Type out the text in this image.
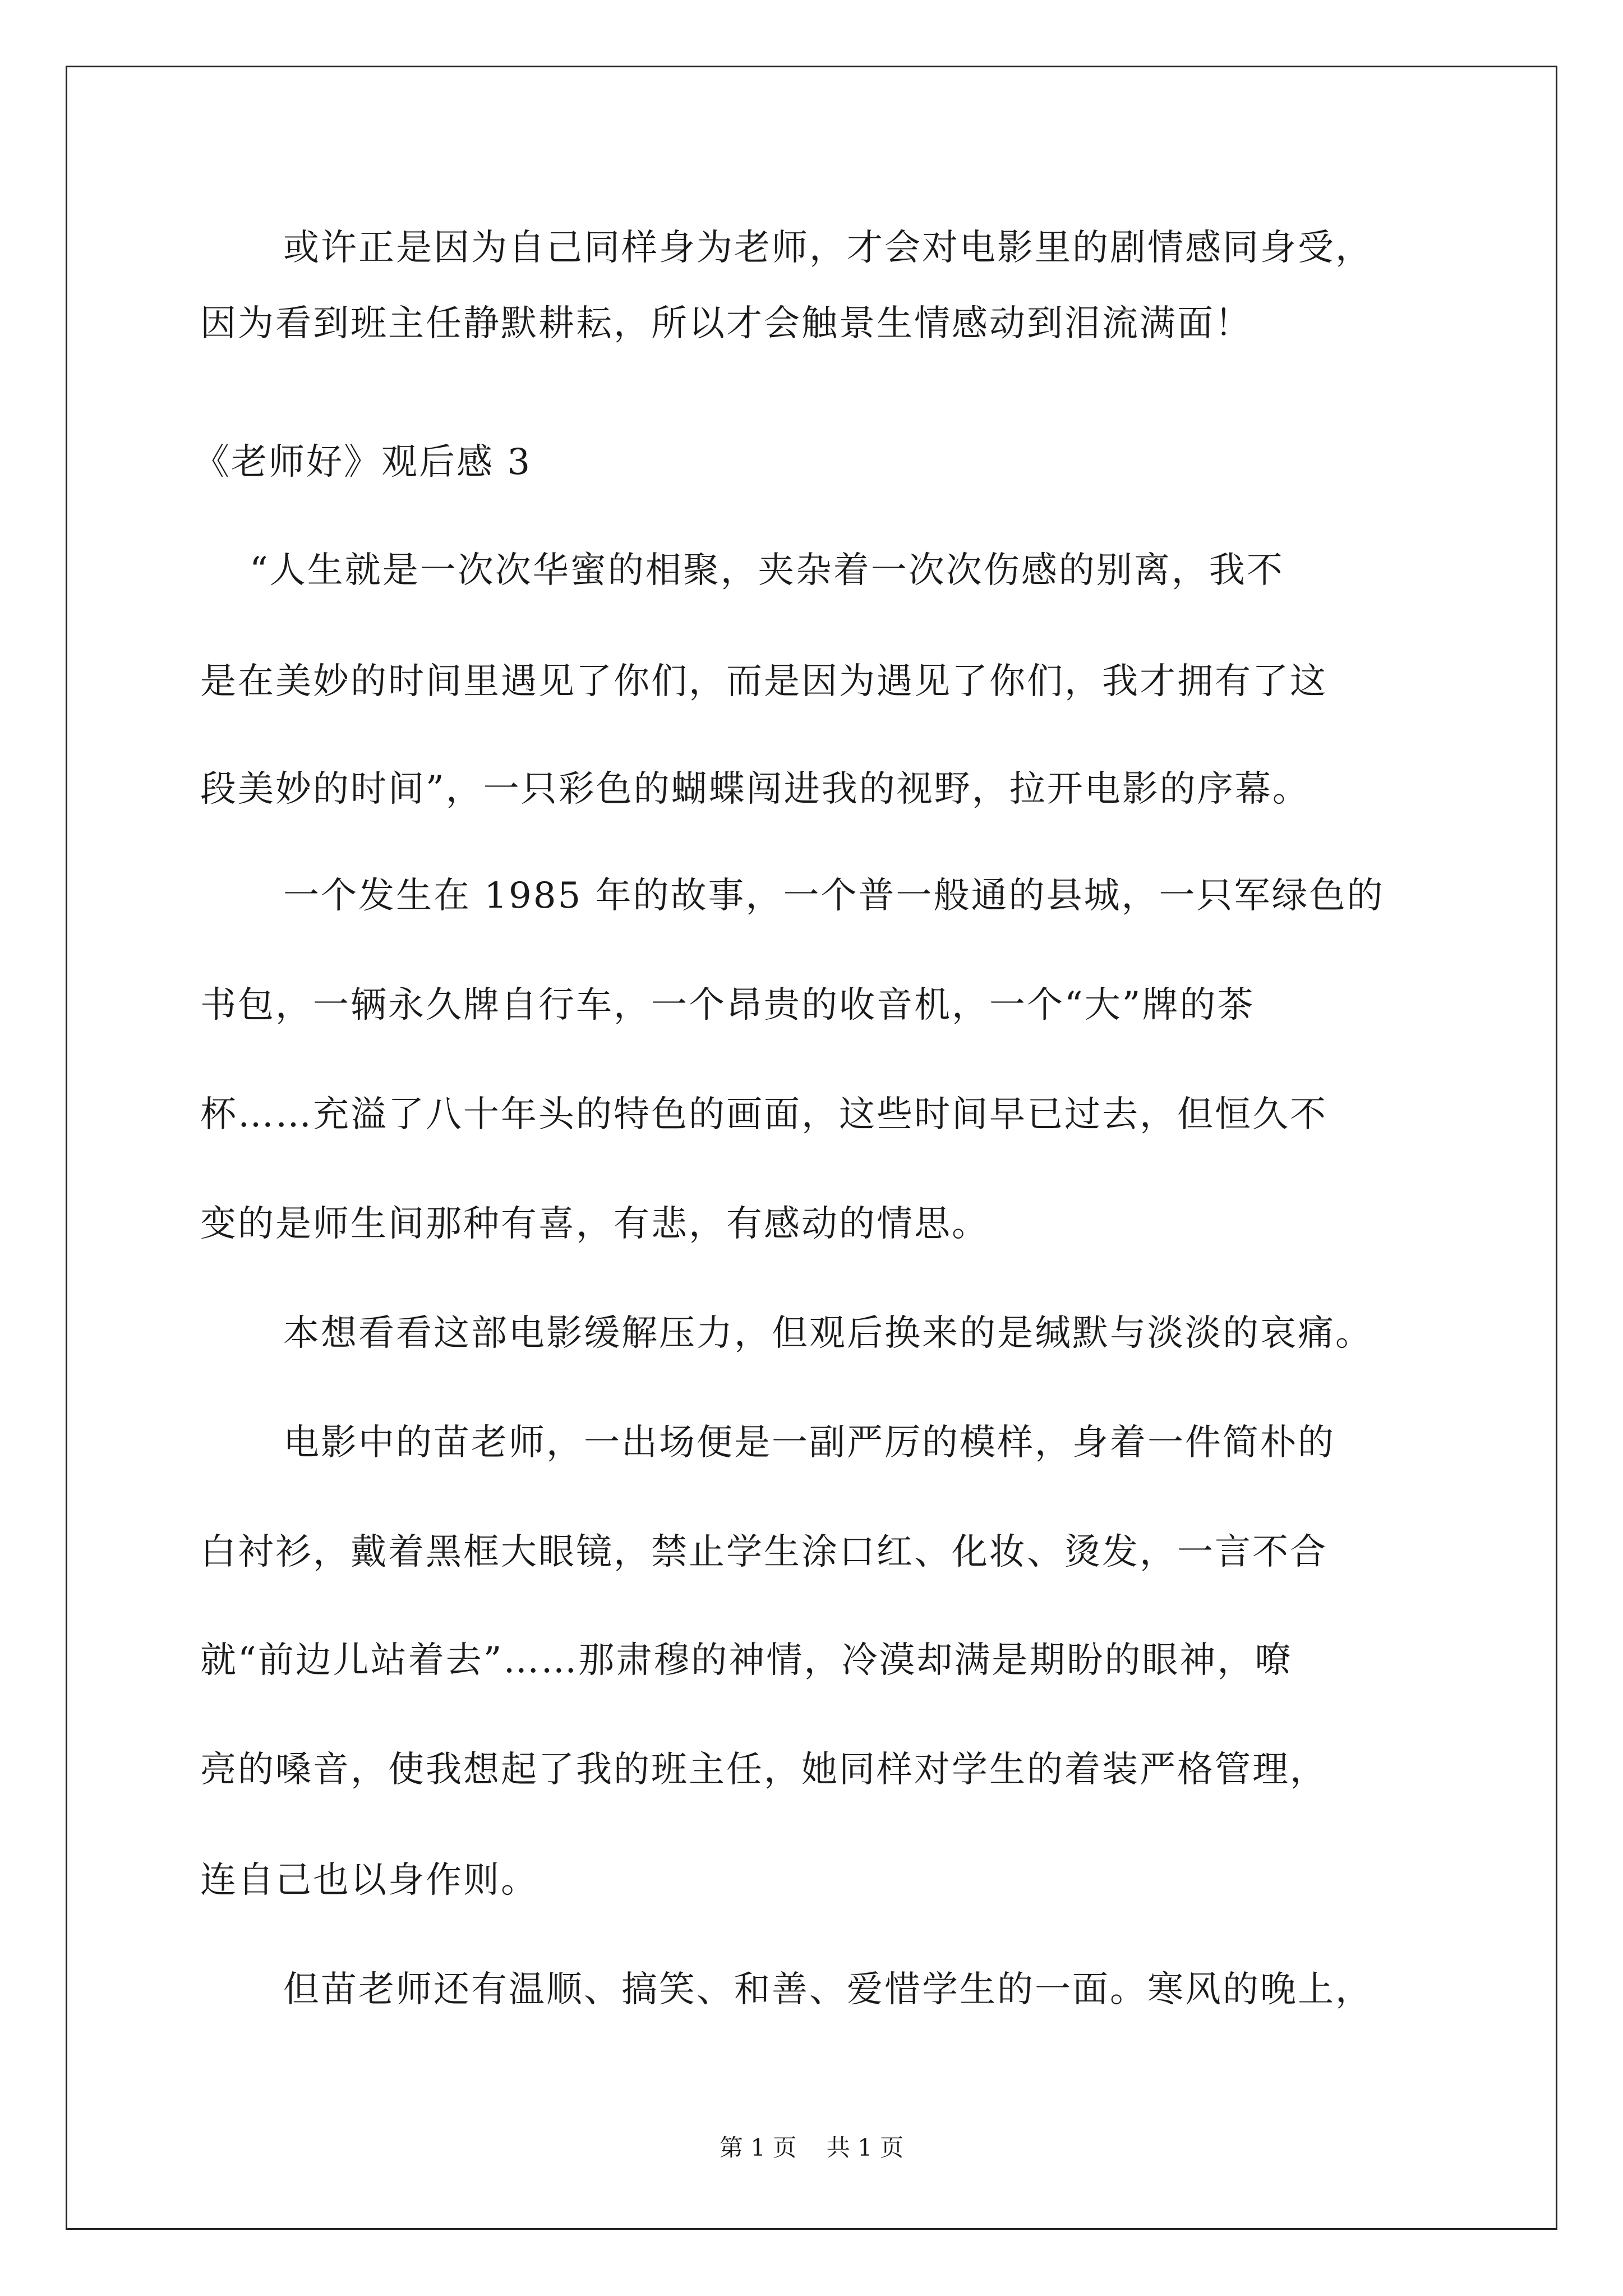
或许正是因为自己同样身为老师，才会对电影里的剧情感同身受，

因为看到班主任静默耕耘，所以才会触景生情感动到泪流满面！

《老师好》观后感 3

“人生就是一次次华蜜的相聚，夹杂着一次次伤感的别离，我不

是在美妙的时间里遇见了你们，而是因为遇见了你们，我才拥有了这

段美妙的时间”，一只彩色的蝴蝶闯进我的视野，拉开电影的序幕。

一个发生在 1985 年的故事，一个普一般通的县城，一只军绿色的

书包，一辆永久牌自行车，一个昂贵的收音机，一个“大”牌的茶

杯……充溢了八十年头的特色的画面，这些时间早已过去，但恒久不

变的是师生间那种有喜，有悲，有感动的情思。

本想看看这部电影缓解压力，但观后换来的是缄默与淡淡的哀痛。

电影中的苗老师，一出场便是一副严厉的模样，身着一件简朴的

白衬衫，戴着黑框大眼镜，禁止学生涂口红、化妆、烫发，一言不合

就“前边儿站着去”……那肃穆的神情，冷漠却满是期盼的眼神，嘹

亮的嗓音，使我想起了我的班主任，她同样对学生的着装严格管理，

连自己也以身作则。

但苗老师还有温顺、搞笑、和善、爱惜学生的一面。寒风的晚上，

第 1 页    共 1 页
